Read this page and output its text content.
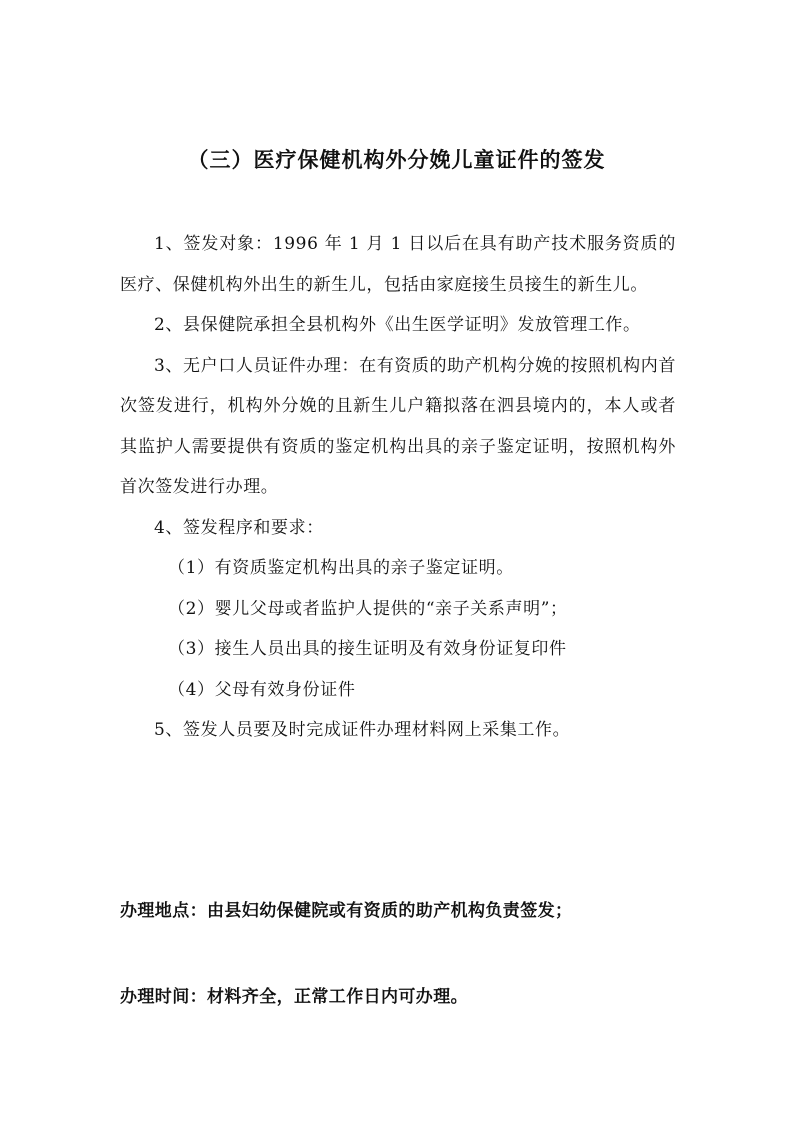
（三）医疗保健机构外分娩儿童证件的签发

1、签发对象：1996 年 1 月 1 日以后在具有助产技术服务资质的医疗、保健机构外出生的新生儿，包括由家庭接生员接生的新生儿。

2、县保健院承担全县机构外《出生医学证明》发放管理工作。

3、无户口人员证件办理：在有资质的助产机构分娩的按照机构内首次签发进行，机构外分娩的且新生儿户籍拟落在泗县境内的，本人或者其监护人需要提供有资质的鉴定机构出具的亲子鉴定证明，按照机构外首次签发进行办理。

4、签发程序和要求：

（1）有资质鉴定机构出具的亲子鉴定证明。

（2）婴儿父母或者监护人提供的“亲子关系声明”；

（3）接生人员出具的接生证明及有效身份证复印件

（4）父母有效身份证件

5、签发人员要及时完成证件办理材料网上采集工作。

办理地点：由县妇幼保健院或有资质的助产机构负责签发；

办理时间：材料齐全，正常工作日内可办理。
